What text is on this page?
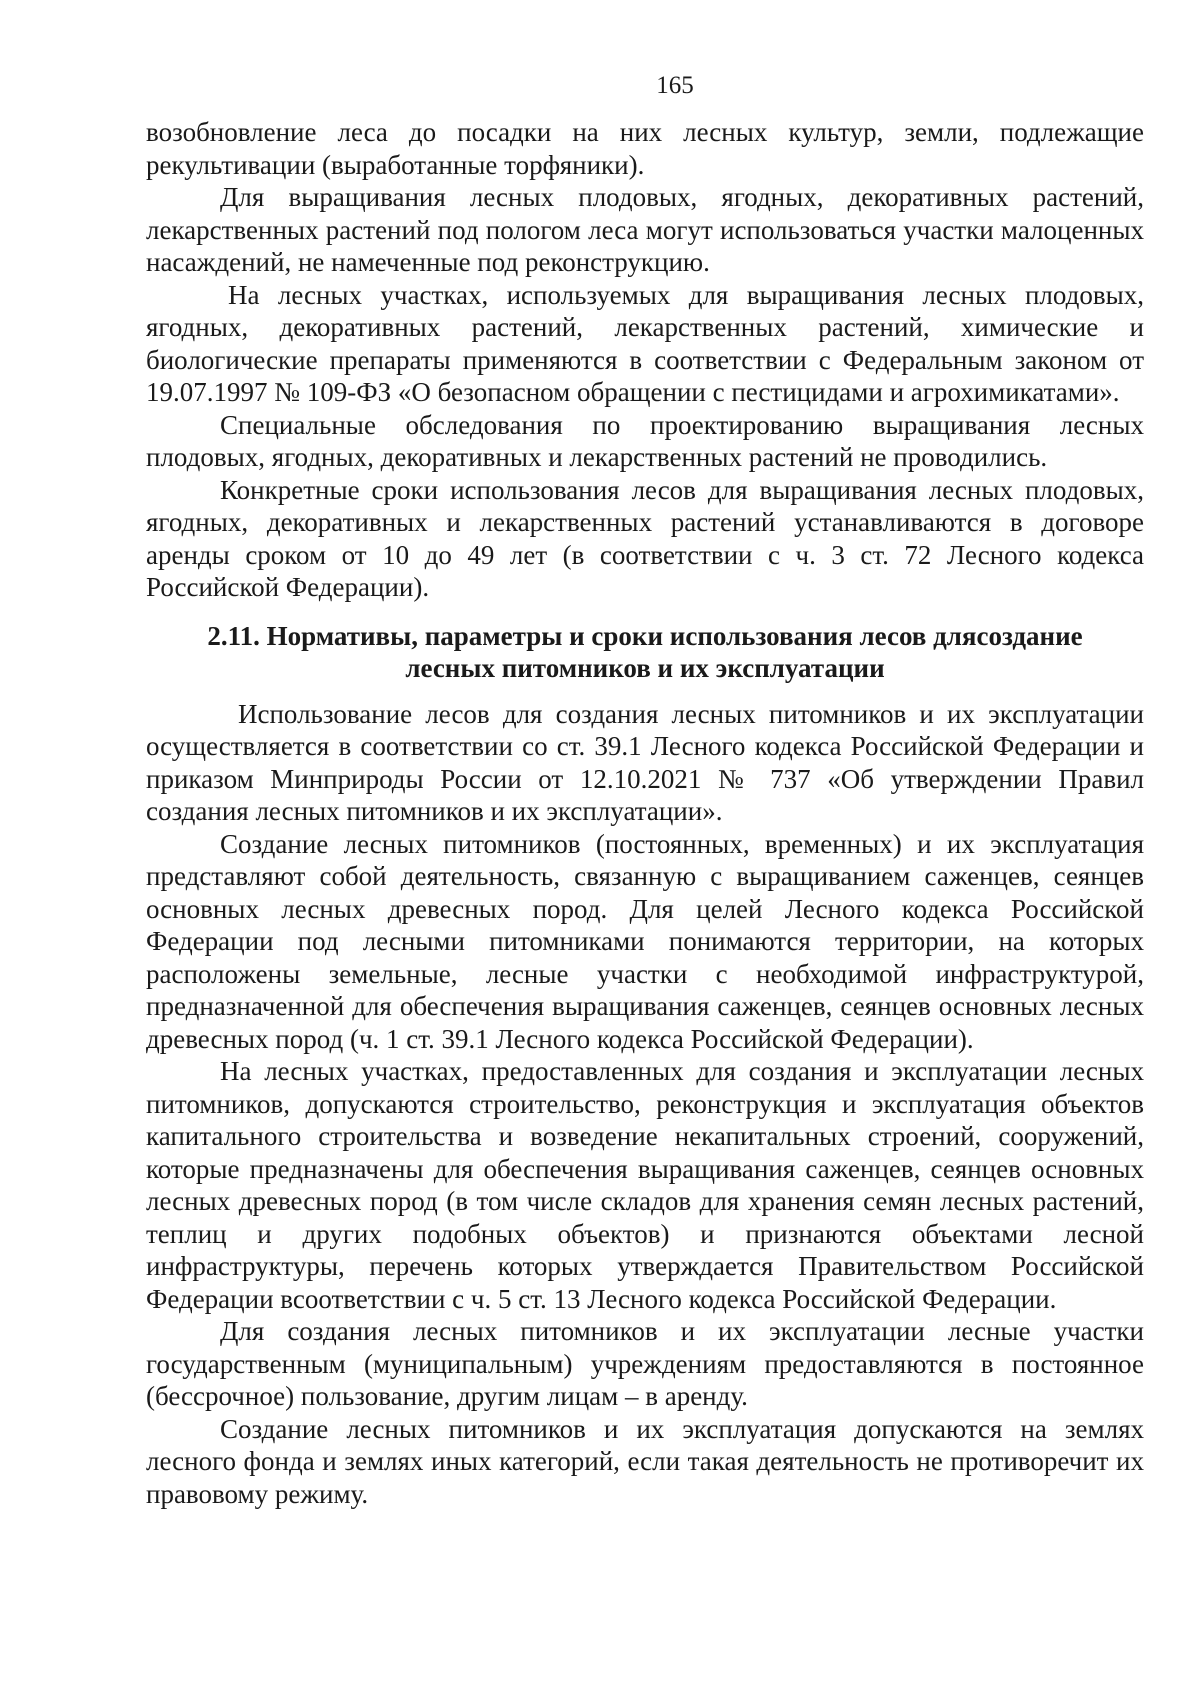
165

возобновление леса до посадки на них лесных культур, земли, подлежащие рекультивации (выработанные торфяники).

Для выращивания лесных плодовых, ягодных, декоративных растений, лекарственных растений под пологом леса могут использоваться участки малоценных насаждений, не намеченные под реконструкцию.

На лесных участках, используемых для выращивания лесных плодовых, ягодных, декоративных растений, лекарственных растений, химические и биологические препараты применяются в соответствии с Федеральным законом от 19.07.1997 № 109-ФЗ «О безопасном обращении с пестицидами и агрохимикатами».

Специальные обследования по проектированию выращивания лесных плодовых, ягодных, декоративных и лекарственных растений не проводились.

Конкретные сроки использования лесов для выращивания лесных плодовых, ягодных, декоративных и лекарственных растений устанавливаются в договоре аренды сроком от 10 до 49 лет (в соответствии с ч. 3 ст. 72 Лесного кодекса Российской Федерации).

2.11. Нормативы, параметры и сроки использования лесов длясоздание
лесных питомников и их эксплуатации

Использование лесов для создания лесных питомников и их эксплуатации осуществляется в соответствии со ст. 39.1 Лесного кодекса Российской Федерации и приказом Минприроды России от 12.10.2021 № 737 «Об утверждении Правил создания лесных питомников и их эксплуатации».

Создание лесных питомников (постоянных, временных) и их эксплуатация представляют собой деятельность, связанную с выращиванием саженцев, сеянцев основных лесных древесных пород. Для целей Лесного кодекса Российской Федерации под лесными питомниками понимаются территории, на которых расположены земельные, лесные участки с необходимой инфраструктурой, предназначенной для обеспечения выращивания саженцев, сеянцев основных лесных древесных пород (ч. 1 ст. 39.1 Лесного кодекса Российской Федерации).

На лесных участках, предоставленных для создания и эксплуатации лесных питомников, допускаются строительство, реконструкция и эксплуатация объектов капитального строительства и возведение некапитальных строений, сооружений, которые предназначены для обеспечения выращивания саженцев, сеянцев основных лесных древесных пород (в том числе складов для хранения семян лесных растений, теплиц и других подобных объектов) и признаются объектами лесной инфраструктуры, перечень которых утверждается Правительством Российской Федерации всоответствии с ч. 5 ст. 13 Лесного кодекса Российской Федерации.

Для создания лесных питомников и их эксплуатации лесные участки государственным (муниципальным) учреждениям предоставляются в постоянное (бессрочное) пользование, другим лицам – в аренду.

Создание лесных питомников и их эксплуатация допускаются на землях лесного фонда и землях иных категорий, если такая деятельность не противоречит их правовому режиму.
